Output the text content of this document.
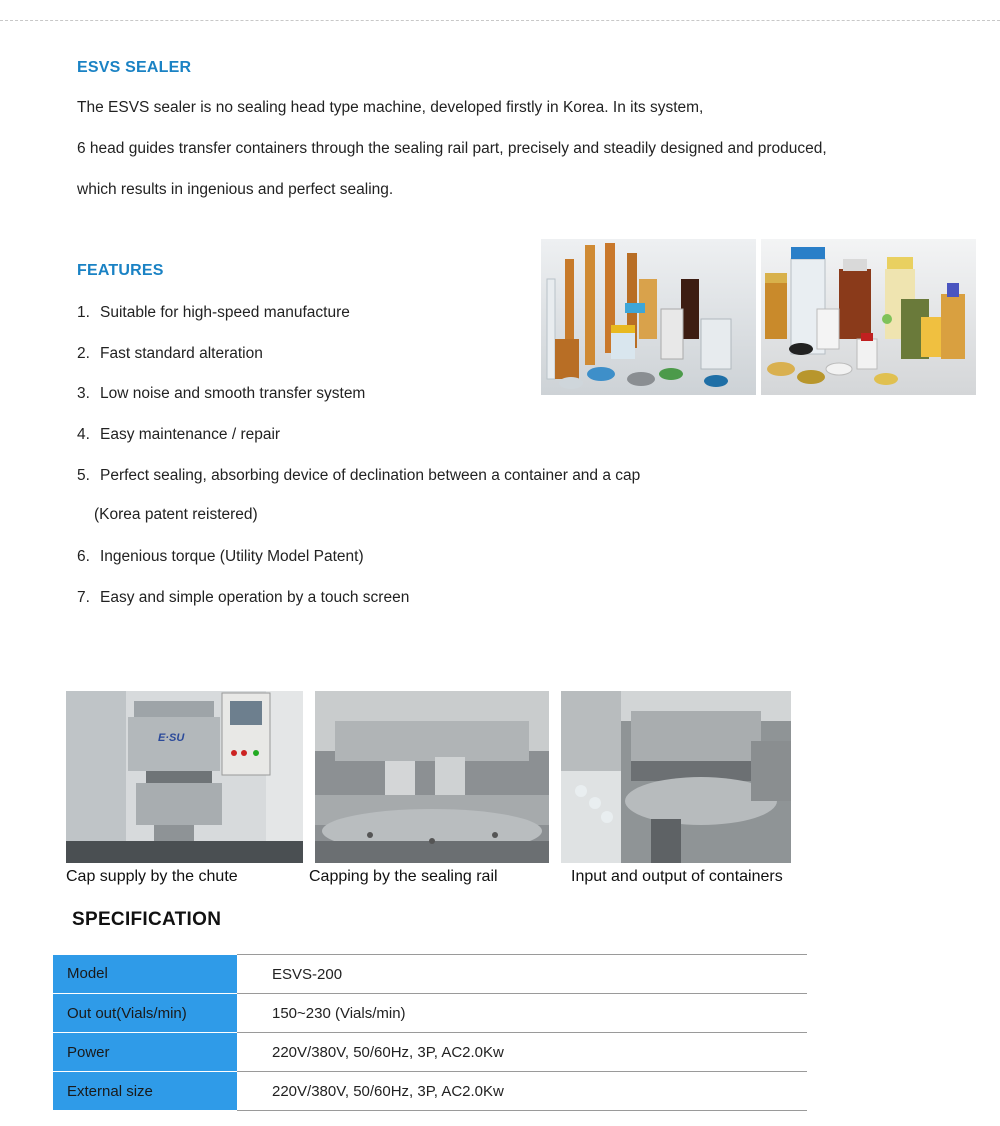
ESVS SEALER
The ESVS sealer is no sealing head type machine, developed firstly in Korea. In its system,
6 head guides transfer containers through the sealing rail part, precisely and steadily designed and produced,
which results in ingenious and perfect sealing.
FEATURES
1. Suitable for high-speed manufacture
2. Fast standard alteration
3. Low noise and smooth transfer system
4. Easy maintenance / repair
5. Perfect sealing, absorbing device of declination between a container and a cap
(Korea patent reistered)
6. Ingenious torque (Utility Model Patent)
7. Easy and simple operation by a touch screen
E·SU
Cap supply by the chute	Capping by the sealing rail	Input and output of containers
SPECIFICATION
Model	ESVS-200
Out out(Vials/min)	150~230 (Vials/min)
Power	220V/380V, 50/60Hz, 3P, AC2.0Kw
External size	220V/380V, 50/60Hz, 3P, AC2.0Kw
